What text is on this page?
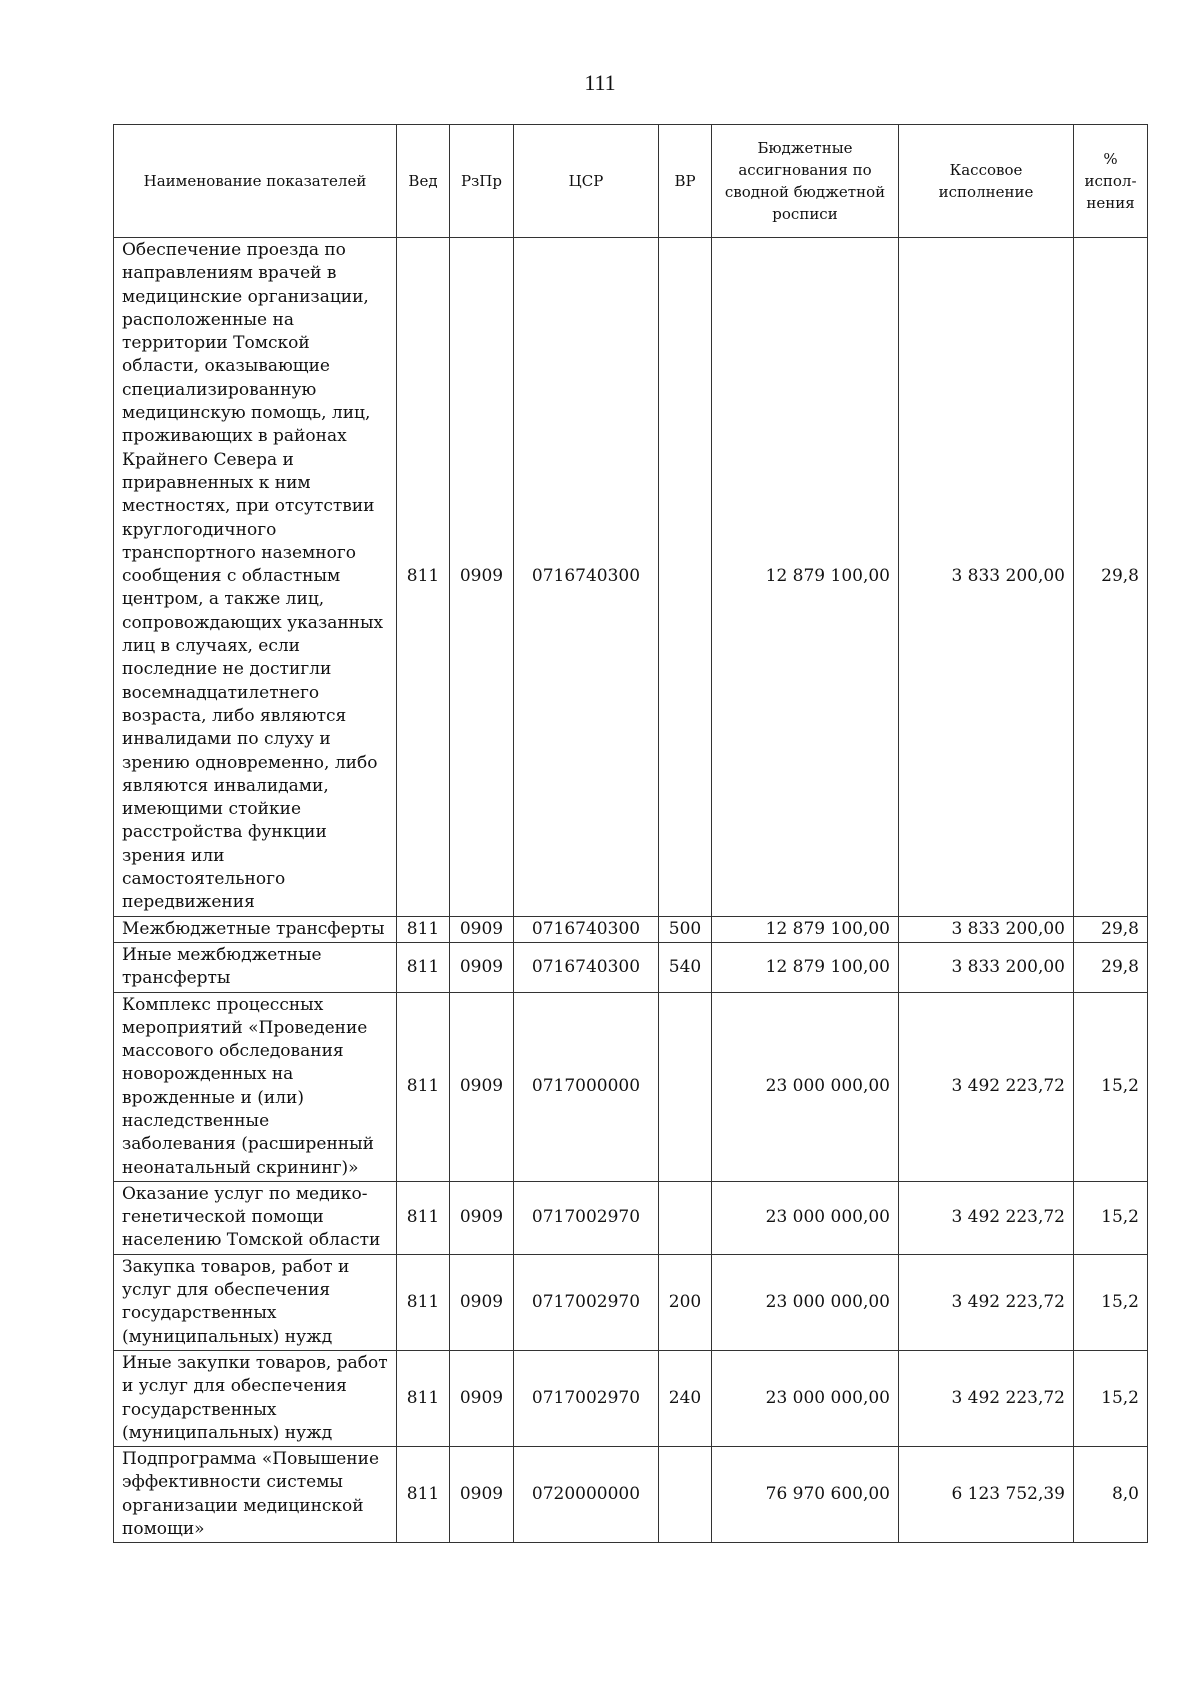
111
Наименование показателей	Вед	РзПр	ЦСР	ВР	Бюджетные ассигнования по сводной бюджетной росписи	Кассовое исполнение	% испол-нения
Обеспечение проезда по направлениям врачей в медицинские организации, расположенные на территории Томской области, оказывающие специализированную медицинскую помощь, лиц, проживающих в районах Крайнего Севера и приравненных к ним местностях, при отсутствии круглогодичного транспортного наземного сообщения с областным центром, а также лиц, сопровождающих указанных лиц в случаях, если последние не достигли восемнадцатилетнего возраста, либо являются инвалидами по слуху и зрению одновременно, либо являются инвалидами, имеющими стойкие расстройства функции зрения или самостоятельного передвижения	811	0909	0716740300		12 879 100,00	3 833 200,00	29,8
Межбюджетные трансферты	811	0909	0716740300	500	12 879 100,00	3 833 200,00	29,8
Иные межбюджетные трансферты	811	0909	0716740300	540	12 879 100,00	3 833 200,00	29,8
Комплекс процессных мероприятий «Проведение массового обследования новорожденных на врожденные и (или) наследственные заболевания (расширенный неонатальный скрининг)»	811	0909	0717000000		23 000 000,00	3 492 223,72	15,2
Оказание услуг по медико-генетической помощи населению Томской области	811	0909	0717002970		23 000 000,00	3 492 223,72	15,2
Закупка товаров, работ и услуг для обеспечения государственных (муниципальных) нужд	811	0909	0717002970	200	23 000 000,00	3 492 223,72	15,2
Иные закупки товаров, работ и услуг для обеспечения государственных (муниципальных) нужд	811	0909	0717002970	240	23 000 000,00	3 492 223,72	15,2
Подпрограмма «Повышение эффективности системы организации медицинской помощи»	811	0909	0720000000		76 970 600,00	6 123 752,39	8,0
